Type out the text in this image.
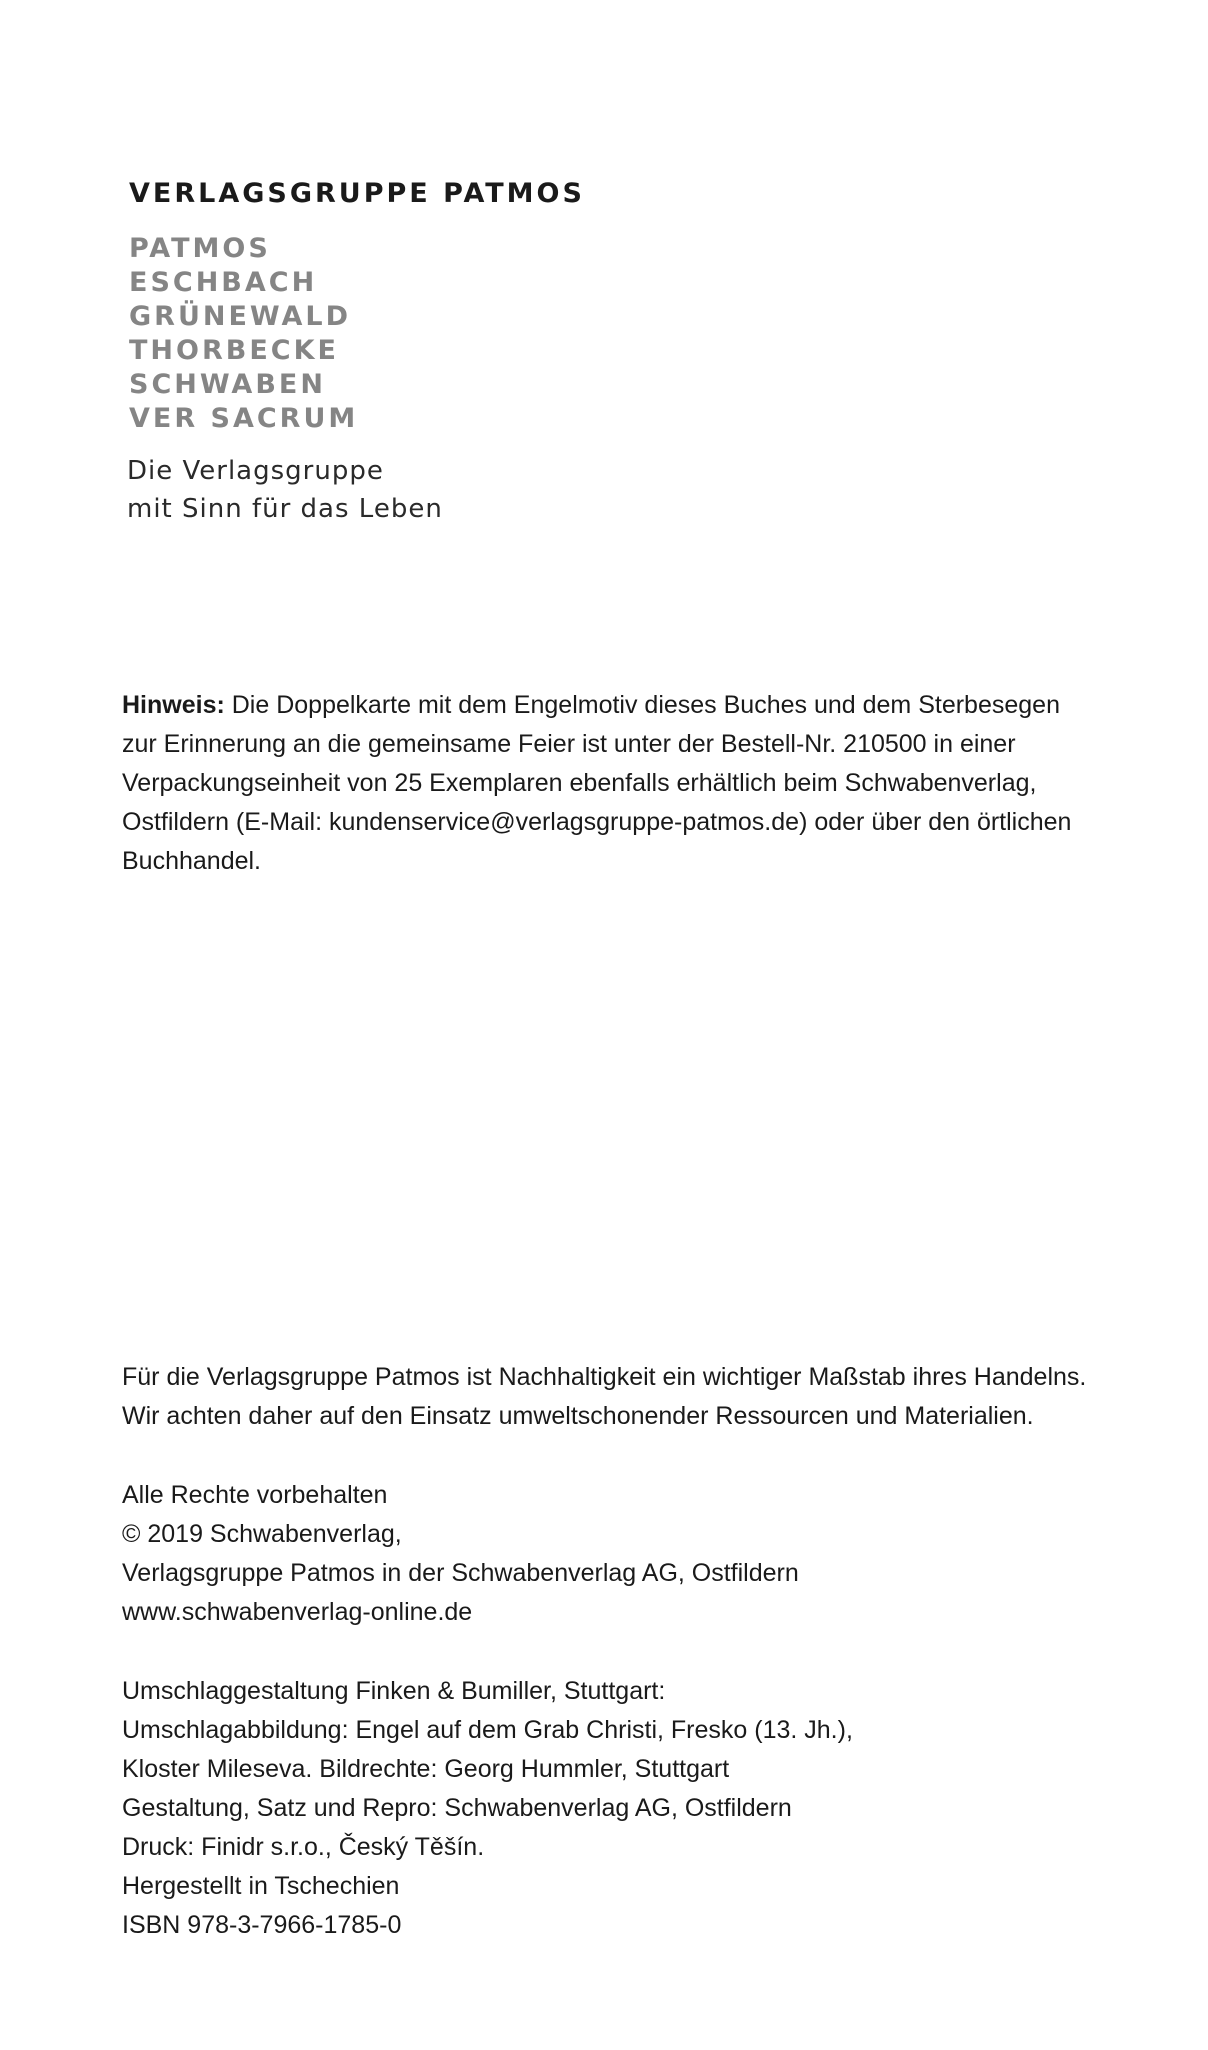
VERLAGSGRUPPE PATMOS
PATMOS
ESCHBACH
GRÜNEWALD
THORBECKE
SCHWABEN
VER SACRUM
Die Verlagsgruppe
mit Sinn für das Leben
Hinweis: Die Doppelkarte mit dem Engelmotiv dieses Buches und dem Sterbesegen
zur Erinnerung an die gemeinsame Feier ist unter der Bestell-Nr. 210500 in einer
Verpackungseinheit von 25 Exemplaren ebenfalls erhältlich beim Schwabenverlag,
Ostfildern (E-Mail: kundenservice@verlagsgruppe-patmos.de) oder über den örtlichen
Buchhandel.
Für die Verlagsgruppe Patmos ist Nachhaltigkeit ein wichtiger Maßstab ihres Handelns.
Wir achten daher auf den Einsatz umweltschonender Ressourcen und Materialien.
Alle Rechte vorbehalten
© 2019 Schwabenverlag,
Verlagsgruppe Patmos in der Schwabenverlag AG, Ostfildern
www.schwabenverlag-online.de
Umschlaggestaltung Finken & Bumiller, Stuttgart:
Umschlagabbildung: Engel auf dem Grab Christi, Fresko (13. Jh.),
Kloster Mileseva. Bildrechte: Georg Hummler, Stuttgart
Gestaltung, Satz und Repro: Schwabenverlag AG, Ostfildern
Druck: Finidr s.r.o., Český Těšín.
Hergestellt in Tschechien
ISBN 978-3-7966-1785-0
